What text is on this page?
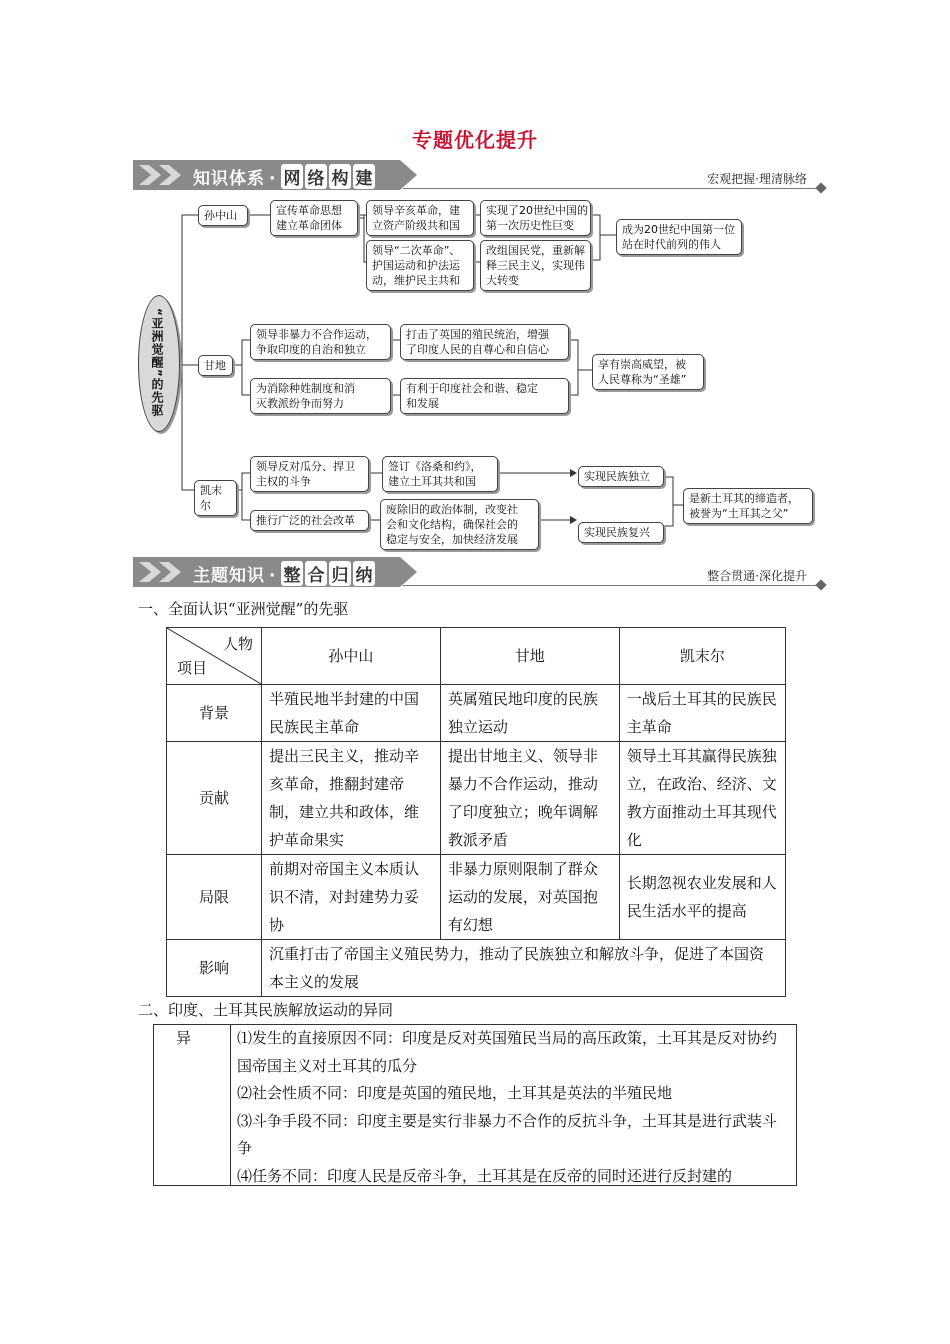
专题优化提升
知识体系 · 网 络 构 建	宏观把握·理清脉络
“亚洲觉醒”的先驱
孙中山	宣传革命思想
建立革命团体
领导辛亥革命，建
立资产阶级共和国
实现了20世纪中国的
第一次历史性巨变
领导“二次革命”、
护国运动和护法运
动，维护民主共和
改组国民党，重新解
释三民主义，实现伟
大转变
成为20世纪中国第一位
站在时代前列的伟人
甘地
领导非暴力不合作运动，
争取印度的自治和独立
打击了英国的殖民统治，增强
了印度人民的自尊心和自信心
为消除种姓制度和消
灭教派纷争而努力
有利于印度社会和谐、稳定
和发展
享有崇高威望，被
人民尊称为“圣雄”
凯末尔
领导反对瓜分、捍卫
主权的斗争
签订《洛桑和约》，
建立土耳其共和国	实现民族独立
推行广泛的社会改革
废除旧的政治体制，改变社
会和文化结构，确保社会的
稳定与安全，加快经济发展
实现民族复兴
是新土耳其的缔造者，
被誉为“土耳其之父”
主题知识 · 整 合 归 纳	整合贯通·深化提升
一、全面认识“亚洲觉醒”的先驱
人物
项目	孙中山	甘地	凯末尔
背景	半殖民地半封建的中国民族民主革命	英属殖民地印度的民族独立运动	一战后土耳其的民族民主革命
贡献	提出三民主义，推动辛亥革命，推翻封建帝制，建立共和政体，维护革命果实	提出甘地主义、领导非暴力不合作运动，推动了印度独立；晚年调解教派矛盾	领导土耳其赢得民族独立，在政治、经济、文教方面推动土耳其现代化
局限	前期对帝国主义本质认识不清，对封建势力妥协	非暴力原则限制了群众运动的发展，对英国抱有幻想	长期忽视农业发展和人民生活水平的提高
影响	沉重打击了帝国主义殖民势力，推动了民族独立和解放斗争，促进了本国资本主义的发展		
二、印度、土耳其民族解放运动的异同
异	⑴发生的直接原因不同：印度是反对英国殖民当局的高压政策，土耳其是反对协约国帝国主义对土耳其的瓜分
⑵社会性质不同：印度是英国的殖民地，土耳其是英法的半殖民地
⑶斗争手段不同：印度主要是实行非暴力不合作的反抗斗争，土耳其是进行武装斗争
⑷任务不同：印度人民是反帝斗争，土耳其是在反帝的同时还进行反封建的
